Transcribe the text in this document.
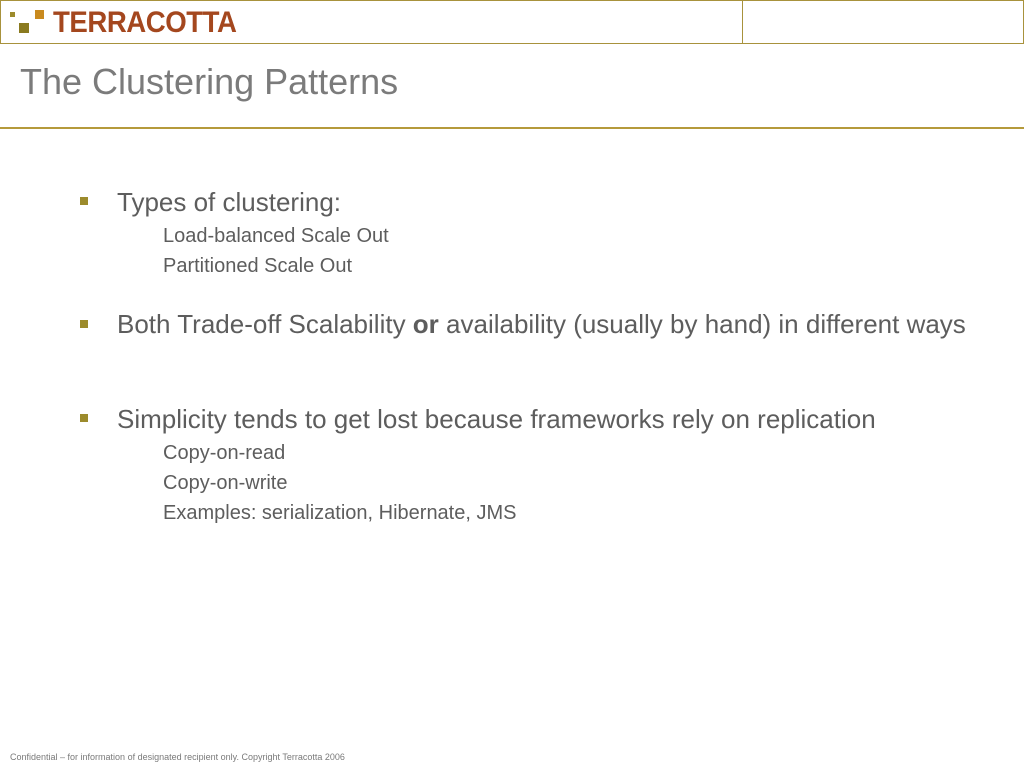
TERRACOTTA
The Clustering Patterns
Types of clustering:
Load-balanced Scale Out
Partitioned Scale Out
Both Trade-off Scalability or availability (usually by hand) in different ways
Simplicity tends to get lost because frameworks rely on replication
Copy-on-read
Copy-on-write
Examples: serialization, Hibernate, JMS
Confidential – for information of designated recipient only. Copyright Terracotta 2006
